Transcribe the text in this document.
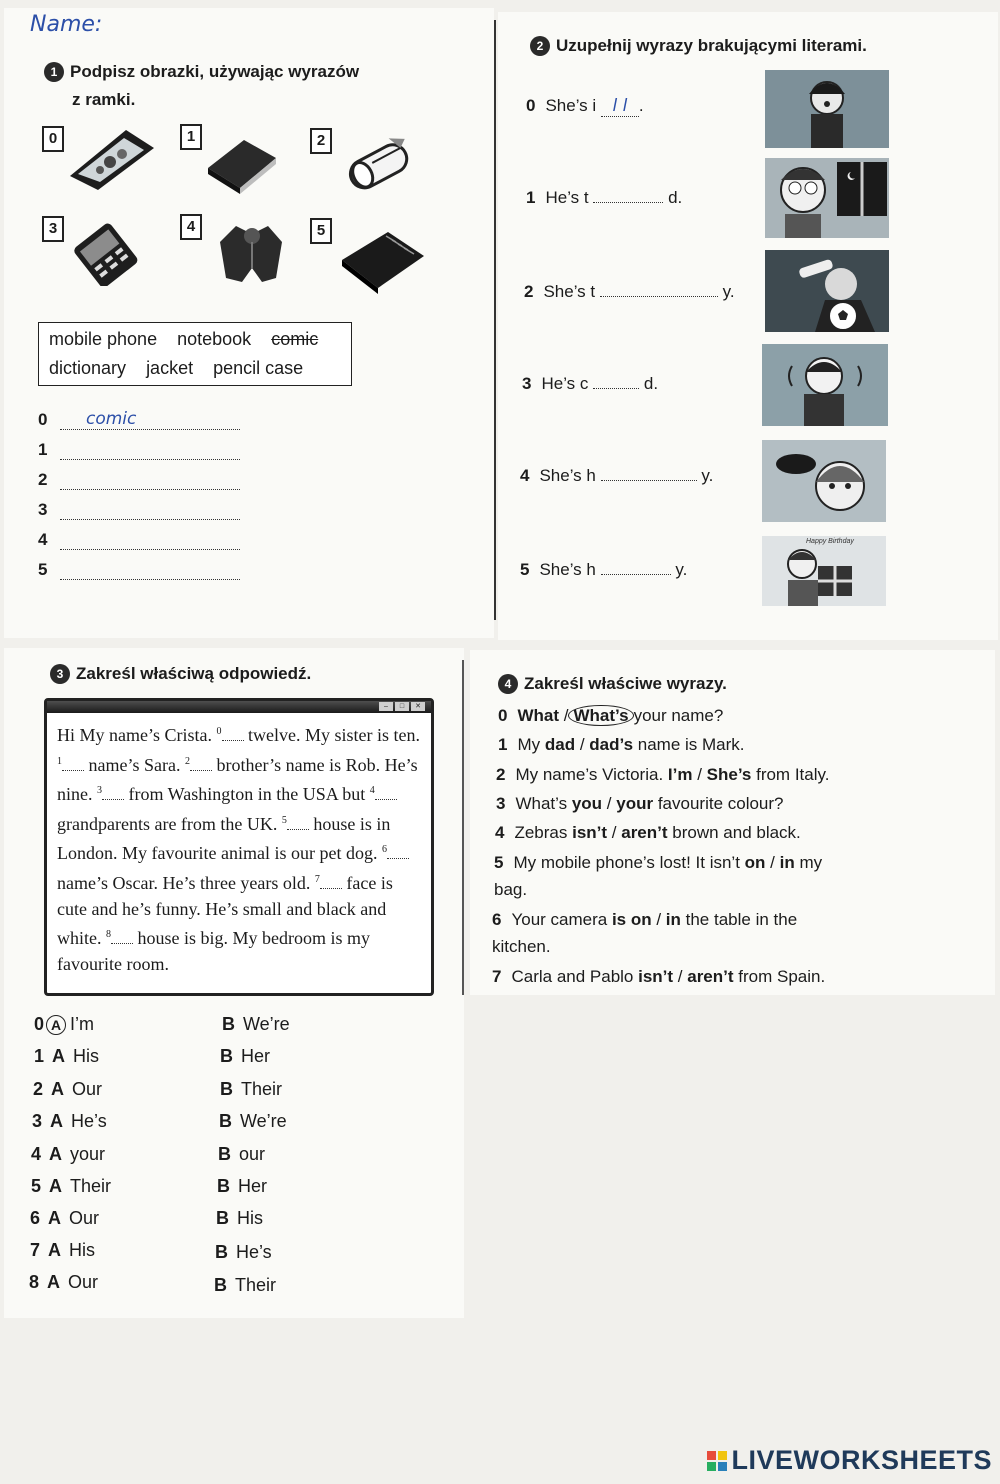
Name:
1 Podpisz obrazki, używając wyrazów
z ramki.
0	1	2
3	4	5
mobile phone notebook comic
dictionary jacket pencil case
0	comic
1
2
3
4
5
2 Uzupełnij wyrazy brakującymi literami.
0 She’s i l l .
1 He’s t	d.
2 She’s t	y.
3 He’s c	d.
4 She’s h	y.
5 She’s h	y.
Happy Birthday
3 Zakreśl właściwą odpowiedź.
–	□	✕
Hi My name’s Crista. $^0$ twelve. My sister is ten. $^1$ name’s Sara. $^2$ brother’s name is Rob. He’s nine. $^3$ from Washington in the USA but $^4$ grandparents are from the UK. $^5$ house is in London. My favourite animal is our pet dog. $^6$ name’s Oscar. He’s three years old. $^7$ face is cute and he’s funny. He’s small and black and white. $^8$ house is big. My bedroom is my favourite room.
0 A I’m	B We’re
1 A His	B Her
2 A Our	B Their
3 A He’s	B We’re
4 A your	B our
5 A Their	B Her
6 A Our	B His
7 A His	B He’s
8 A Our	B Their
4 Zakreśl właściwe wyrazy.
0 What / What’s your name?
1 My dad / dad’s name is Mark.
2 My name’s Victoria. I’m / She’s from Italy.
3 What’s you / your favourite colour?
4 Zebras isn’t / aren’t brown and black.
5 My mobile phone’s lost! It isn’t on / in my bag.
6 Your camera is on / in the table in the kitchen.
7 Carla and Pablo isn’t / aren’t from Spain.
LIVEWORKSHEETS
